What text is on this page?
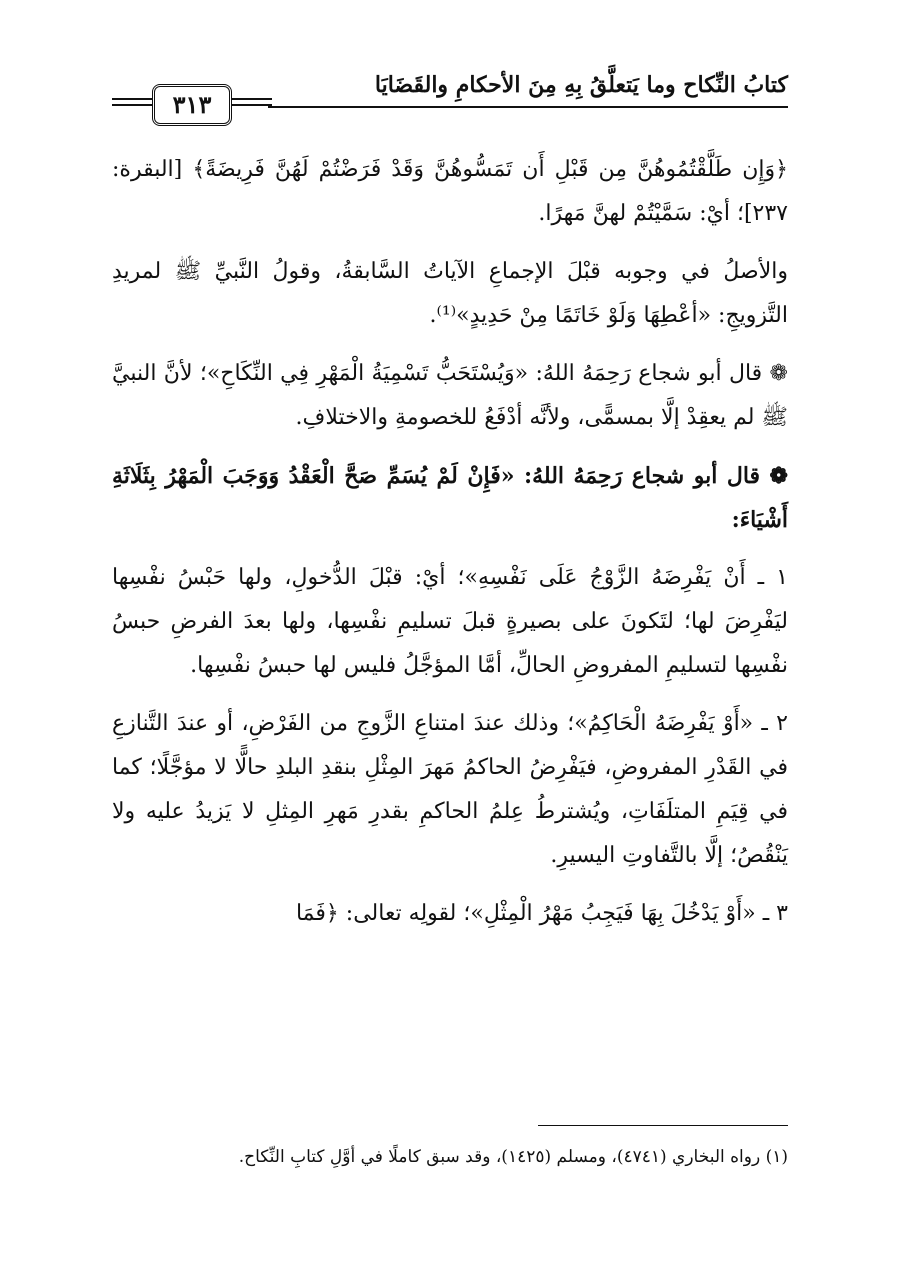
كتابُ النِّكاح وما يَتعلَّقُ بِهِ مِنَ الأحكامِ والقَضَايَا
٣١٣

﴿وَإِن طَلَّقْتُمُوهُنَّ مِن قَبْلِ أَن تَمَسُّوهُنَّ وَقَدْ فَرَضْتُمْ لَهُنَّ فَرِيضَةً﴾ [البقرة: ٢٣٧]؛ أيْ: سَمَّيْتُمْ لهنَّ مَهرًا.

والأصلُ في وجوبه قبْلَ الإجماعِ الآياتُ السَّابقةُ، وقولُ النَّبيِّ ﷺ لمريدِ التَّزويجِ: «أعْطِهَا وَلَوْ خَاتَمًا مِنْ حَدِيدٍ»⁽¹⁾.

❁ قال أبو شجاع رَحِمَهُ اللهُ: «وَيُسْتَحَبُّ تَسْمِيَةُ الْمَهْرِ فِي النِّكَاحِ»؛ لأنَّ النبيَّ ﷺ لم يعقِدْ إلَّا بمسمًّى، ولأنَّه أدْفَعُ للخصومةِ والاختلافِ.

❁ قال أبو شجاع رَحِمَهُ اللهُ: «فَإِنْ لَمْ يُسَمِّ صَحَّ الْعَقْدُ وَوَجَبَ الْمَهْرُ بِثَلَاثَةِ أَشْيَاءَ:

١ ـ أَنْ يَفْرِضَهُ الزَّوْجُ عَلَى نَفْسِهِ»؛ أيْ: قبْلَ الدُّخولِ، ولها حَبْسُ نفْسِها ليَفْرِضَ لها؛ لتَكونَ على بصيرةٍ قبلَ تسليمِ نفْسِها، ولها بعدَ الفرضِ حبسُ نفْسِها لتسليمِ المفروضِ الحالِّ، أمَّا المؤجَّلُ فليس لها حبسُ نفْسِها.

٢ ـ «أَوْ يَفْرِضَهُ الْحَاكِمُ»؛ وذلك عندَ امتناعِ الزَّوجِ من الفَرْضِ، أو عندَ التَّنازعِ في القَدْرِ المفروضِ، فيَفْرِضُ الحاكمُ مَهرَ المِثْلِ بنقدِ البلدِ حالًّا لا مؤجَّلًا؛ كما في قِيَمِ المتلَفَاتِ، ويُشترطُ عِلمُ الحاكمِ بقدرِ مَهرِ المِثلِ لا يَزيدُ عليه ولا يَنْقُصُ؛ إلَّا بالتَّفاوتِ اليسيرِ.

٣ ـ «أَوْ يَدْخُلَ بِهَا فَيَجِبُ مَهْرُ الْمِثْلِ»؛ لقولِه تعالى: ﴿فَمَا

(١) رواه البخاري (٤٧٤١)، ومسلم (١٤٢٥)، وقد سبق كاملًا في أوَّلِ كتابِ النِّكاح.
